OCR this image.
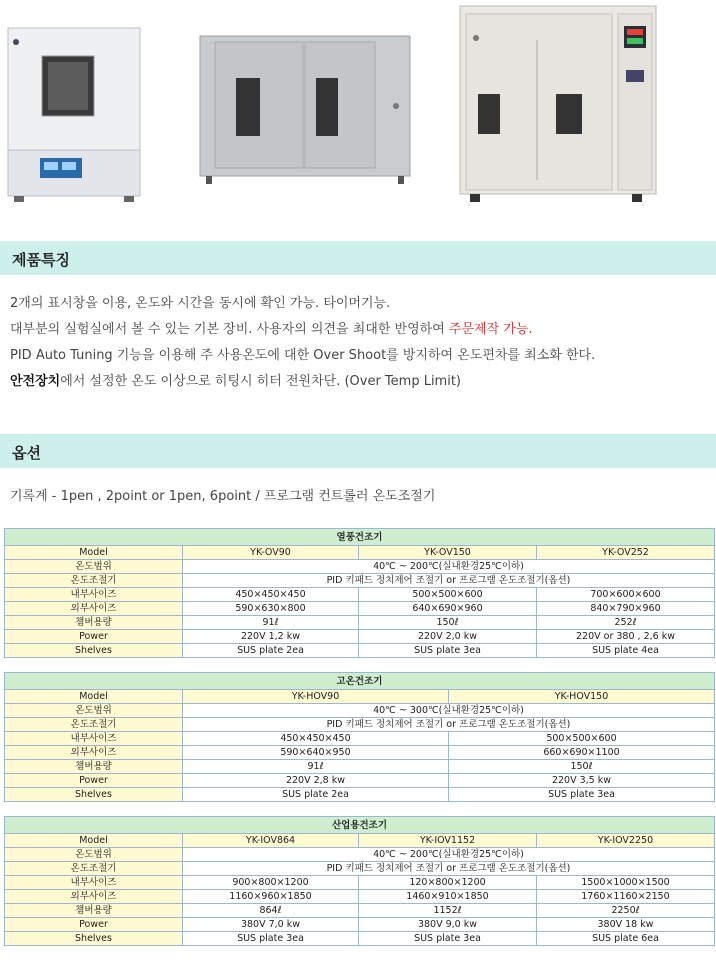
제품특징
2개의 표시창을 이용, 온도와 시간을 동시에 확인 가능. 타이머기능.
대부분의 실험실에서 볼 수 있는 기본 장비. 사용자의 의견을 최대한 반영하여 주문제작 가능.
PID Auto Tuning 기능을 이용해 주 사용온도에 대한 Over Shoot를 방지하여 온도편차를 최소화 한다.
안전장치에서 설정한 온도 이상으로 히팅시 히터 전원차단. (Over Temp Limit)
옵션
기록계 - 1pen , 2point or 1pen, 6point / 프로그램 컨트롤러 온도조절기
열풍건조기			
Model	YK-OV90	YK-OV150	YK-OV252
온도범위	40℃ ~ 200℃(실내환경25℃이하)		
온도조절기	PID 키패드 정치제어 조절기 or 프로그램 온도조절기(옵션)		
내부사이즈	450×450×450	500×500×600	700×600×600
외부사이즈	590×630×800	640×690×960	840×790×960
챔버용량	91ℓ	150ℓ	252ℓ
Power	220V 1,2 kw	220V 2,0 kw	220V or 380 , 2,6 kw
Shelves	SUS plate 2ea	SUS plate 3ea	SUS plate 4ea
고온건조기		
Model	YK-HOV90	YK-HOV150
온도범위	40℃ ~ 300℃(실내환경25℃이하)	
온도조절기	PID 키패드 정치제어 조절기 or 프로그램 온도조절기(옵션)	
내부사이즈	450×450×450	500×500×600
외부사이즈	590×640×950	660×690×1100
챔버용량	91ℓ	150ℓ
Power	220V 2,8 kw	220V 3,5 kw
Shelves	SUS plate 2ea	SUS plate 3ea
산업용건조기			
Model	YK-IOV864	YK-IOV1152	YK-IOV2250
온도범위	40℃ ~ 200℃(실내환경25℃이하)		
온도조절기	PID 키패드 정치제어 조절기 or 프로그램 온도조절기(옵션)		
내부사이즈	900×800×1200	120×800×1200	1500×1000×1500
외부사이즈	1160×960×1850	1460×910×1850	1760×1160×2150
챔버용량	864ℓ	1152ℓ	2250ℓ
Power	380V 7,0 kw	380V 9,0 kw	380V 18 kw
Shelves	SUS plate 3ea	SUS plate 3ea	SUS plate 6ea
